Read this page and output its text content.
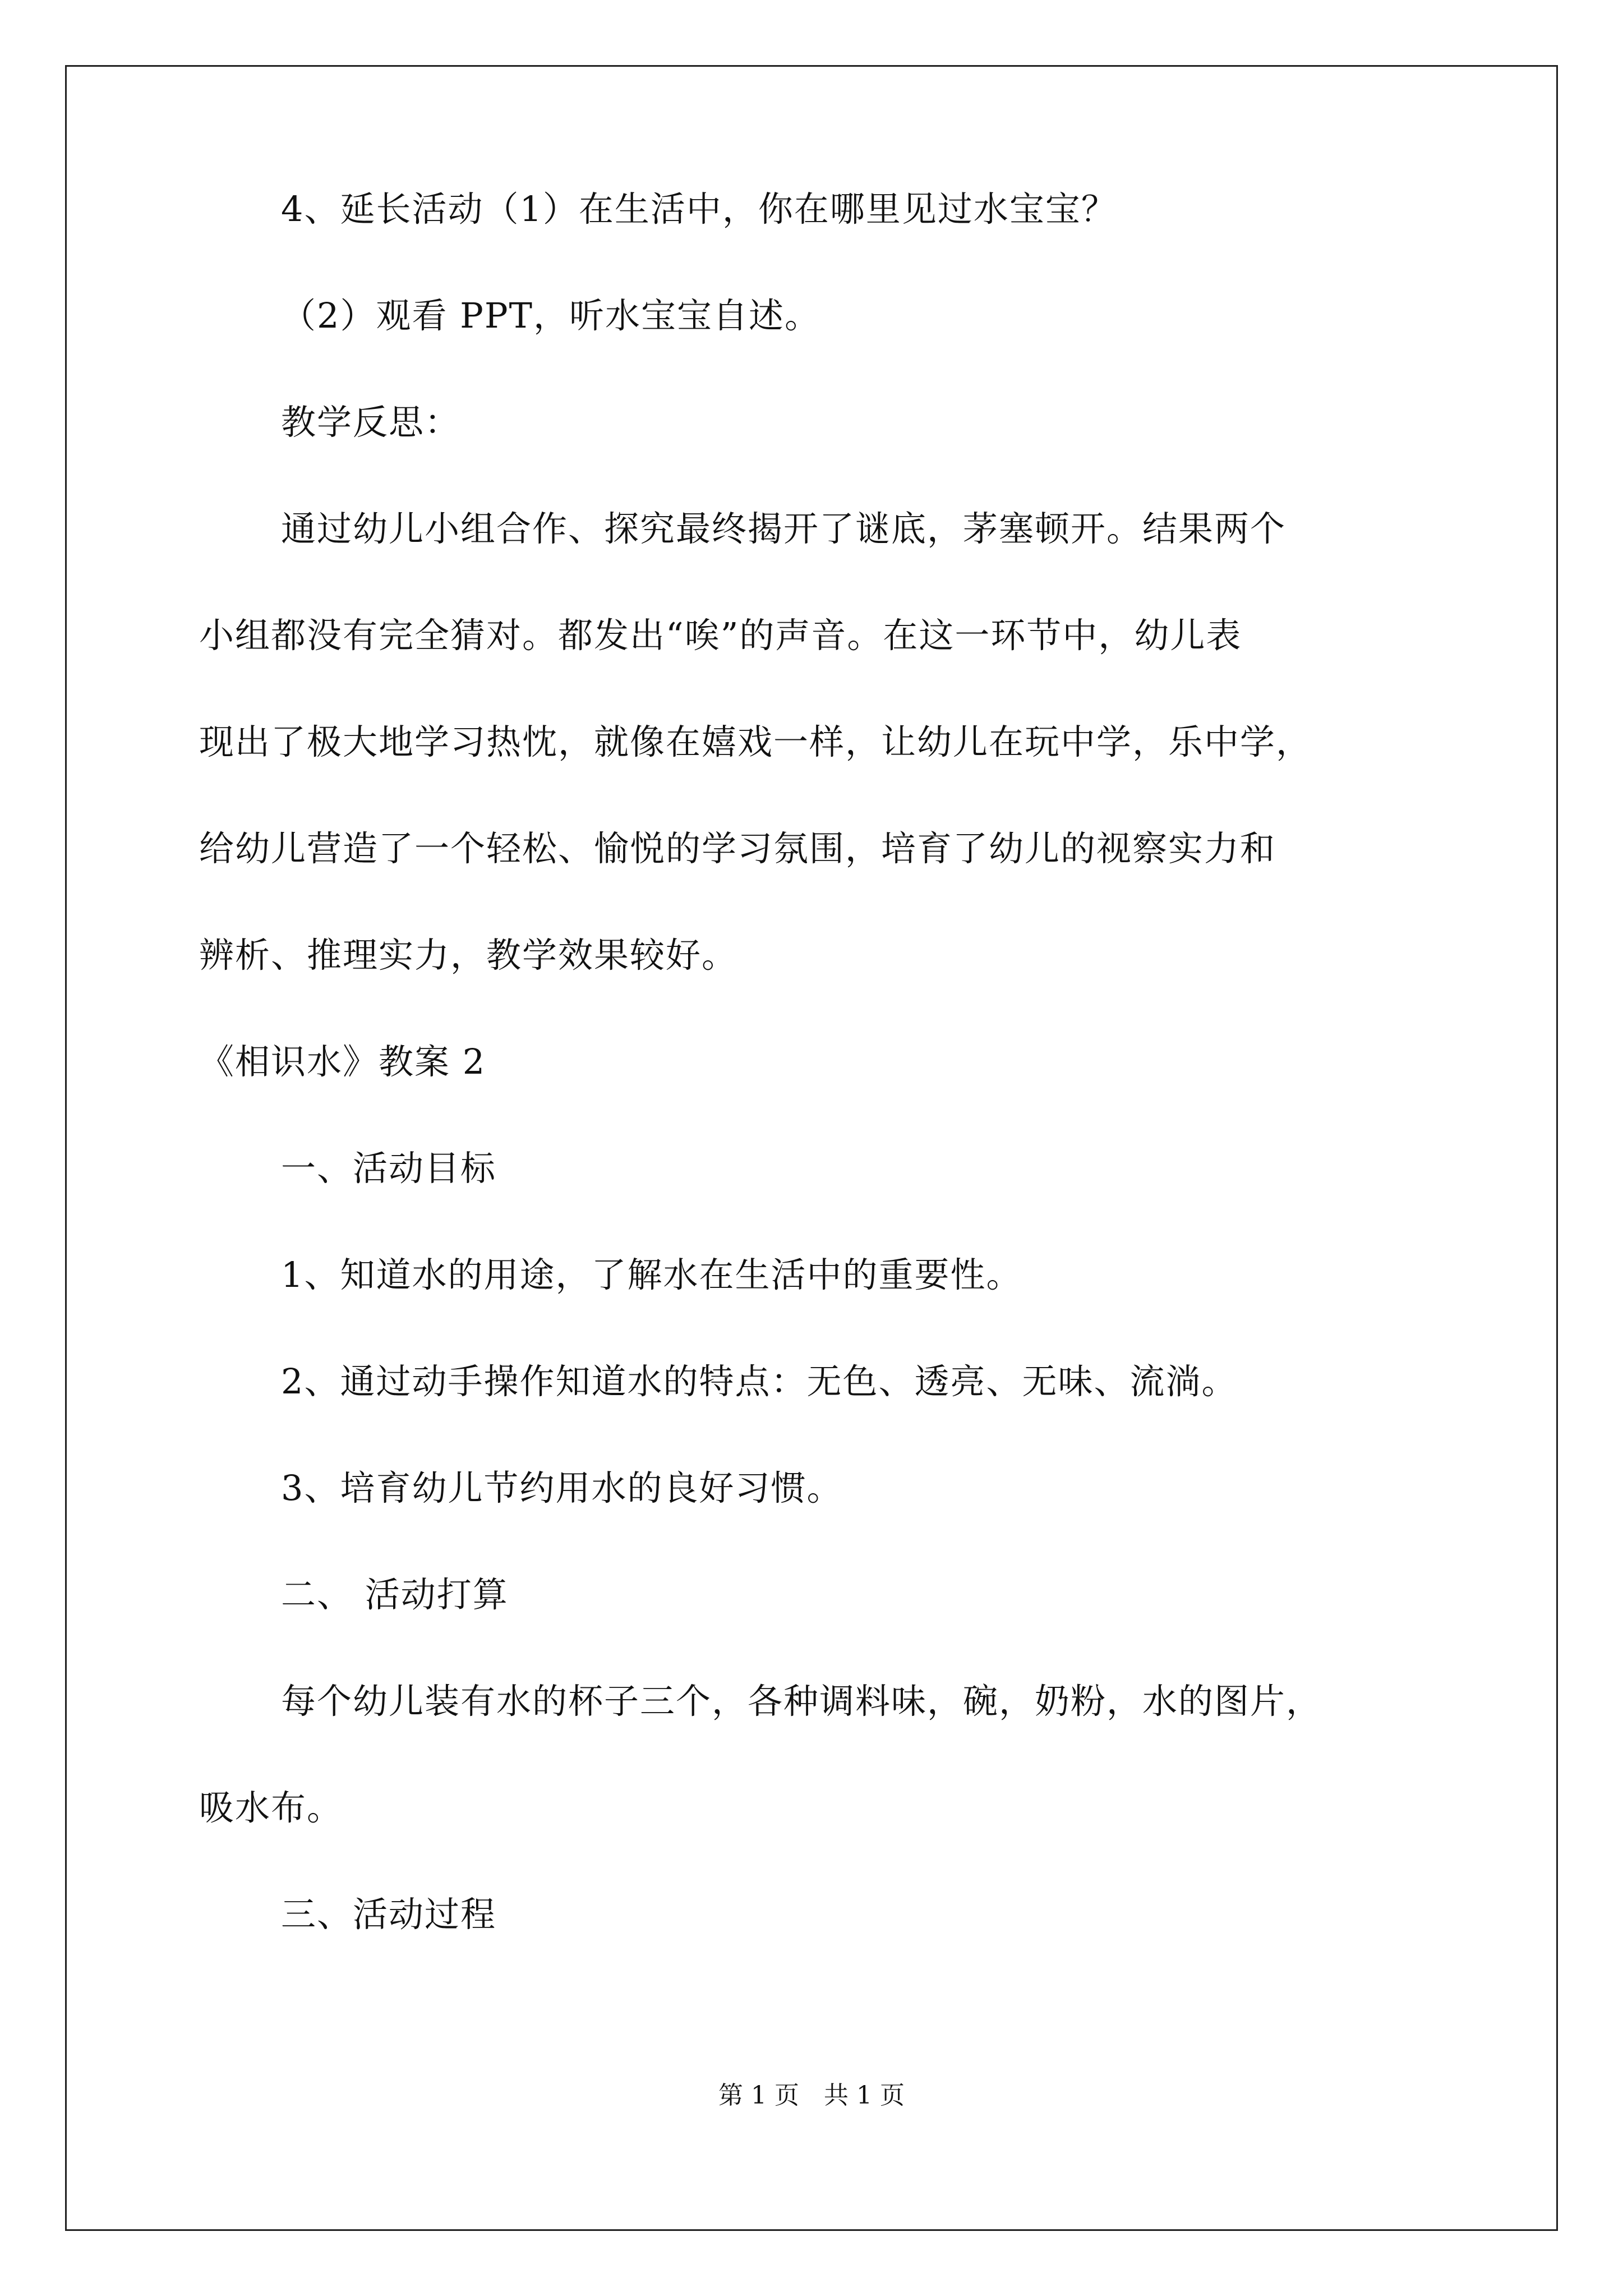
4、延长活动（1）在生活中，你在哪里见过水宝宝？
（2）观看 PPT，听水宝宝自述。
教学反思：
通过幼儿小组合作、探究最终揭开了谜底，茅塞顿开。结果两个
小组都没有完全猜对。都发出“唉”的声音。在这一环节中，幼儿表
现出了极大地学习热忱，就像在嬉戏一样，让幼儿在玩中学，乐中学，
给幼儿营造了一个轻松、愉悦的学习氛围，培育了幼儿的视察实力和
辨析、推理实力，教学效果较好。
《相识水》教案 2
一、活动目标
1、知道水的用途，了解水在生活中的重要性。
2、通过动手操作知道水的特点：无色、透亮、无味、流淌。
3、培育幼儿节约用水的良好习惯。
二、 活动打算
每个幼儿装有水的杯子三个，各种调料味，碗，奶粉，水的图片，
吸水布。
三、活动过程
第 1 页　共 1 页
